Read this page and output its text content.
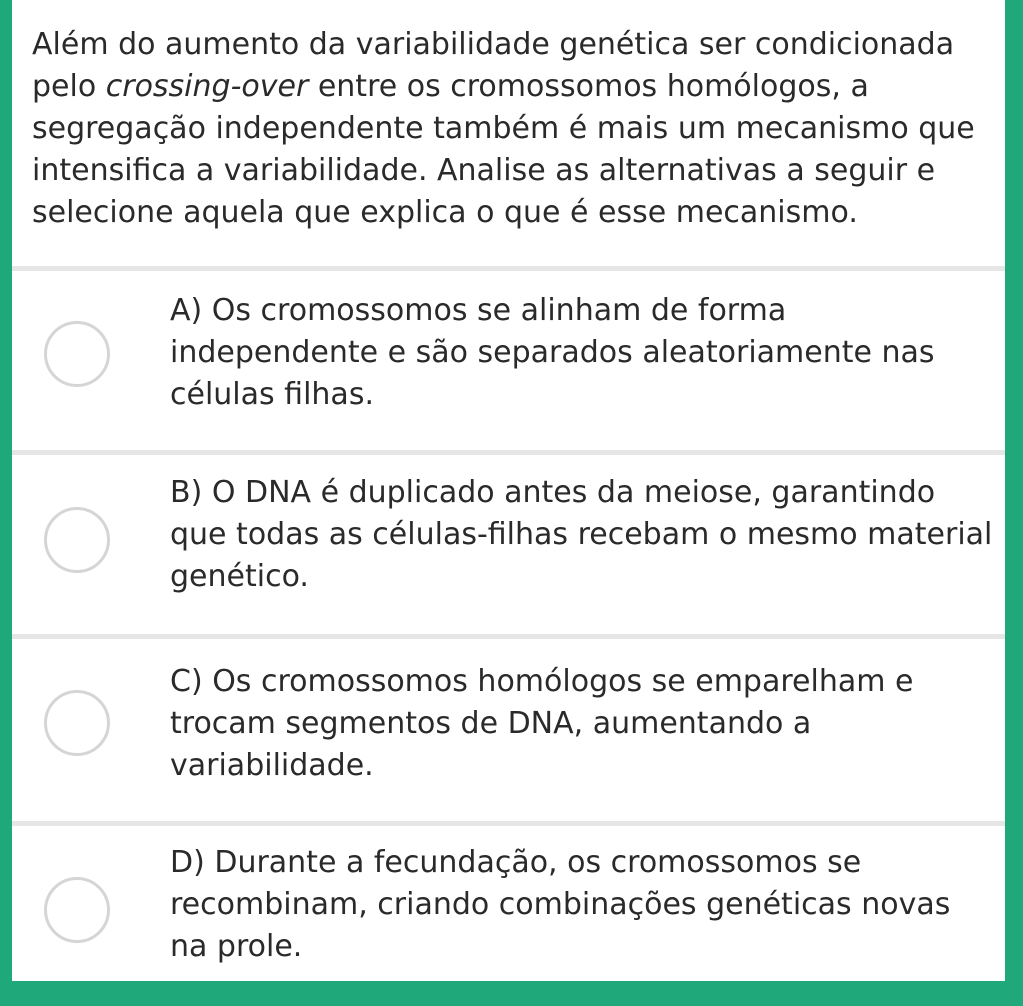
Além do aumento da variabilidade genética ser condicionada pelo crossing-over entre os cromossomos homólogos, a segregação independente também é mais um mecanismo que intensifica a variabilidade. Analise as alternativas a seguir e selecione aquela que explica o que é esse mecanismo.

A) Os cromossomos se alinham de forma independente e são separados aleatoriamente nas células filhas.
B) O DNA é duplicado antes da meiose, garantindo que todas as células-filhas recebam o mesmo material genético.
C) Os cromossomos homólogos se emparelham e trocam segmentos de DNA, aumentando a variabilidade.
D) Durante a fecundação, os cromossomos se recombinam, criando combinações genéticas novas na prole.
